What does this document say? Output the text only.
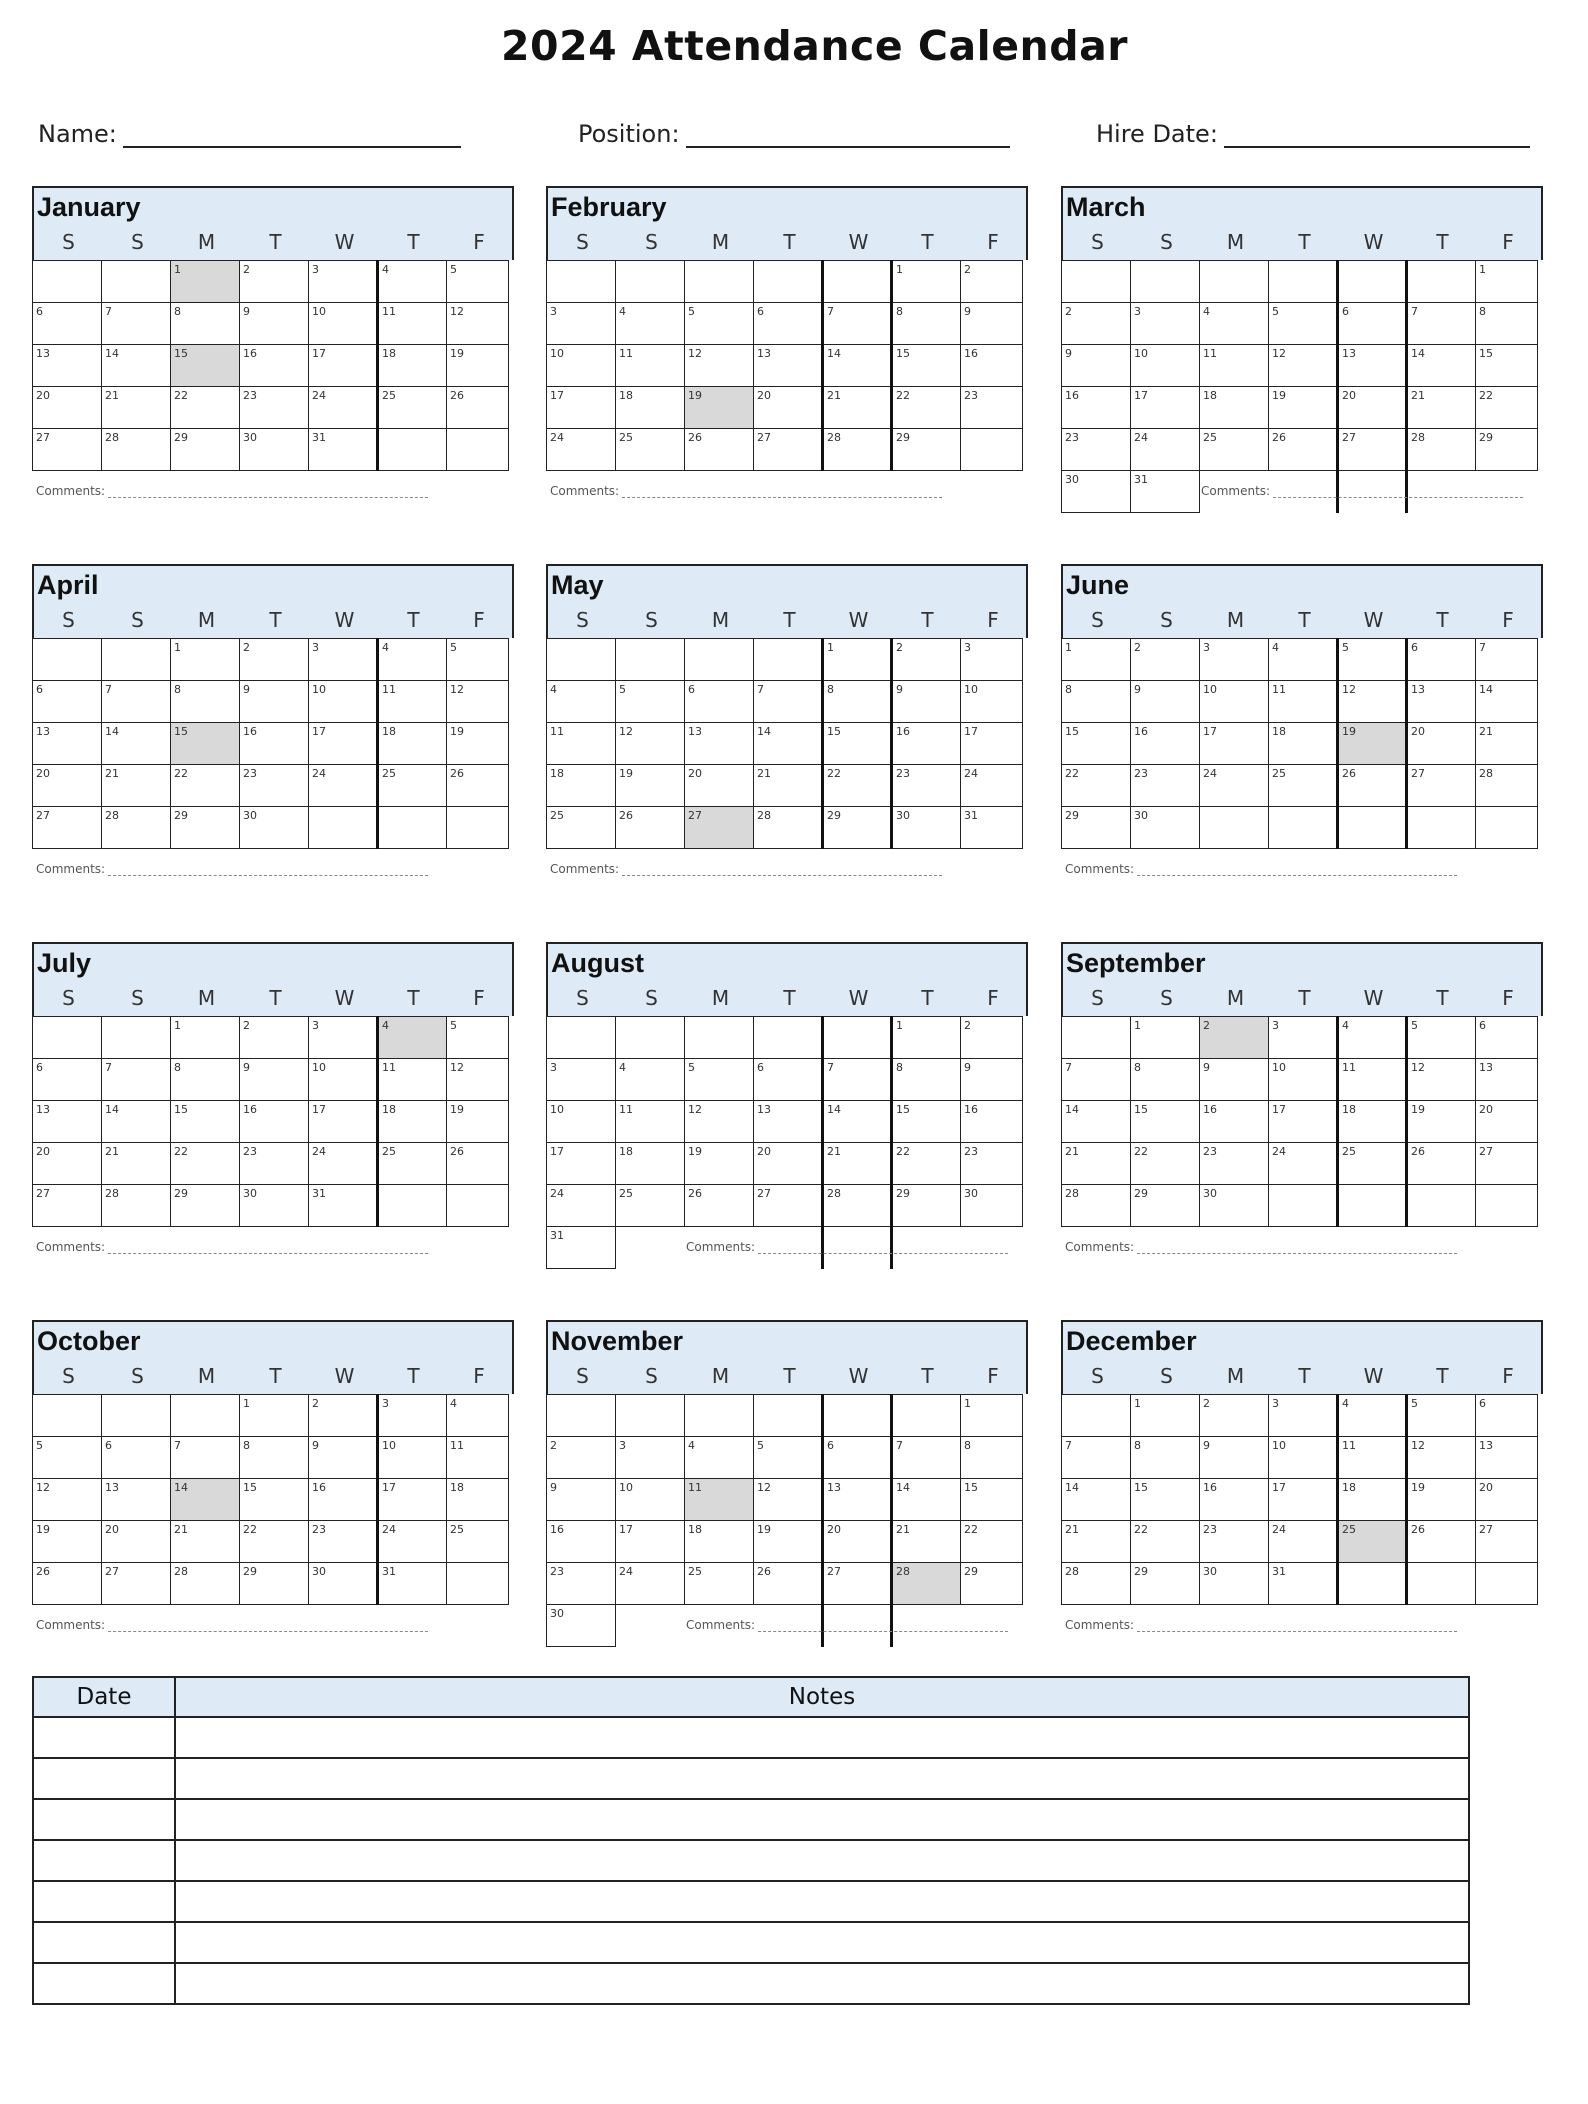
2024 Attendance Calendar
Name:	Position:	Hire Date:
January
S	S	M	T	W	T	F

		1	2	3	4	5

6	7	8	9	10	11	12

13	14	15	16	17	18	19

20	21	22	23	24	25	26

27	28	29	30	31		

Comments:
February
S	S	M	T	W	T	F

					1	2

3	4	5	6	7	8	9

10	11	12	13	14	15	16

17	18	19	20	21	22	23

24	25	26	27	28	29	

Comments:
March
S	S	M	T	W	T	F

						1

2	3	4	5	6	7	8

9	10	11	12	13	14	15

16	17	18	19	20	21	22

23	24	25	26	27	28	29

30	31					

Comments:
April
S	S	M	T	W	T	F

		1	2	3	4	5

6	7	8	9	10	11	12

13	14	15	16	17	18	19

20	21	22	23	24	25	26

27	28	29	30			

Comments:
May
S	S	M	T	W	T	F

				1	2	3

4	5	6	7	8	9	10

11	12	13	14	15	16	17

18	19	20	21	22	23	24

25	26	27	28	29	30	31
Comments:
June
S	S	M	T	W	T	F
1	2	3	4	5	6	7

8	9	10	11	12	13	14

15	16	17	18	19	20	21

22	23	24	25	26	27	28

29	30					

Comments:
July
S	S	M	T	W	T	F

		1	2	3	4	5

6	7	8	9	10	11	12

13	14	15	16	17	18	19

20	21	22	23	24	25	26

27	28	29	30	31		

Comments:
August
S	S	M	T	W	T	F

					1	2

3	4	5	6	7	8	9

10	11	12	13	14	15	16

17	18	19	20	21	22	23

24	25	26	27	28	29	30

31						

Comments:
September
S	S	M	T	W	T	F

	1	2	3	4	5	6

7	8	9	10	11	12	13

14	15	16	17	18	19	20

21	22	23	24	25	26	27

28	29	30				

Comments:
October
S	S	M	T	W	T	F

			1	2	3	4

5	6	7	8	9	10	11

12	13	14	15	16	17	18

19	20	21	22	23	24	25

26	27	28	29	30	31	

Comments:
November
S	S	M	T	W	T	F

						1

2	3	4	5	6	7	8

9	10	11	12	13	14	15

16	17	18	19	20	21	22

23	24	25	26	27	28	29

30						

Comments:
December
S	S	M	T	W	T	F

	1	2	3	4	5	6

7	8	9	10	11	12	13

14	15	16	17	18	19	20

21	22	23	24	25	26	27

28	29	30	31			

Comments:
Date	Notes
